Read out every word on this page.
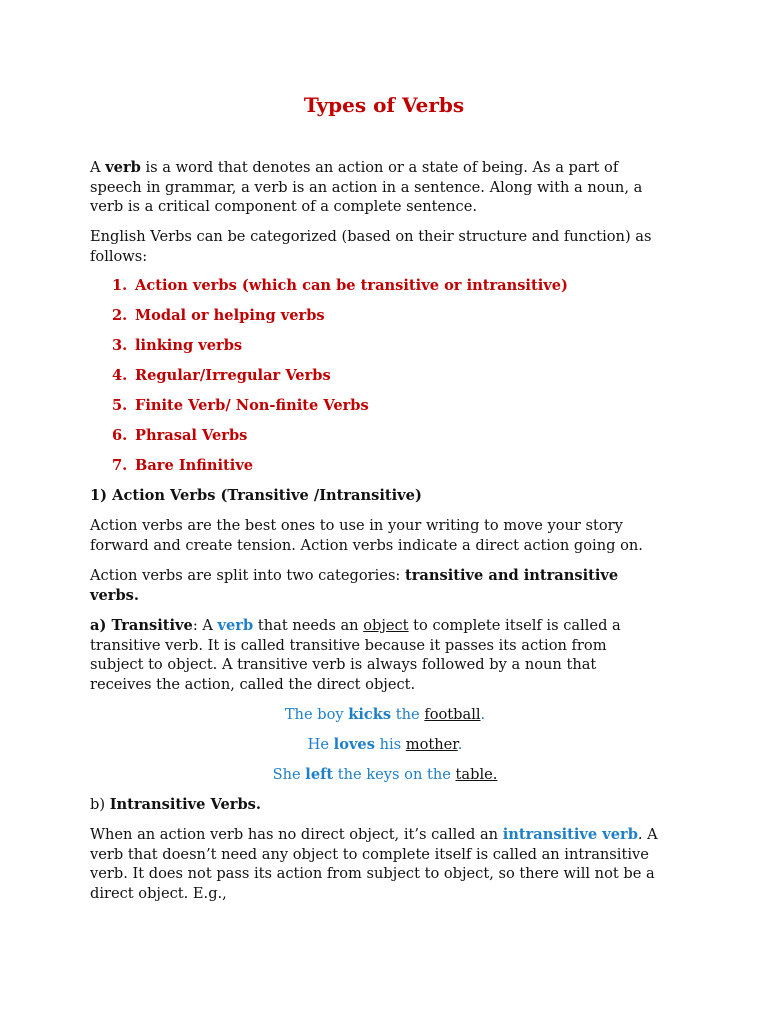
Types of Verbs

A verb is a word that denotes an action or a state of being. As a part of
speech in grammar, a verb is an action in a sentence. Along with a noun, a
verb is a critical component of a complete sentence.

English Verbs can be categorized (based on their structure and function) as
follows:

1. Action verbs (which can be transitive or intransitive)
2. Modal or helping verbs
3. linking verbs
4. Regular/Irregular Verbs
5. Finite Verb/ Non-finite Verbs
6. Phrasal Verbs
7. Bare Infinitive

1) Action Verbs (Transitive /Intransitive)

Action verbs are the best ones to use in your writing to move your story
forward and create tension. Action verbs indicate a direct action going on.

Action verbs are split into two categories: transitive and intransitive
verbs.

a) Transitive: A verb that needs an object to complete itself is called a
transitive verb. It is called transitive because it passes its action from
subject to object. A transitive verb is always followed by a noun that
receives the action, called the direct object.

The boy kicks the football.

He loves his mother.

She left the keys on the table.

b) Intransitive Verbs.

When an action verb has no direct object, it’s called an intransitive verb. A
verb that doesn’t need any object to complete itself is called an intransitive
verb. It does not pass its action from subject to object, so there will not be a
direct object. E.g.,
